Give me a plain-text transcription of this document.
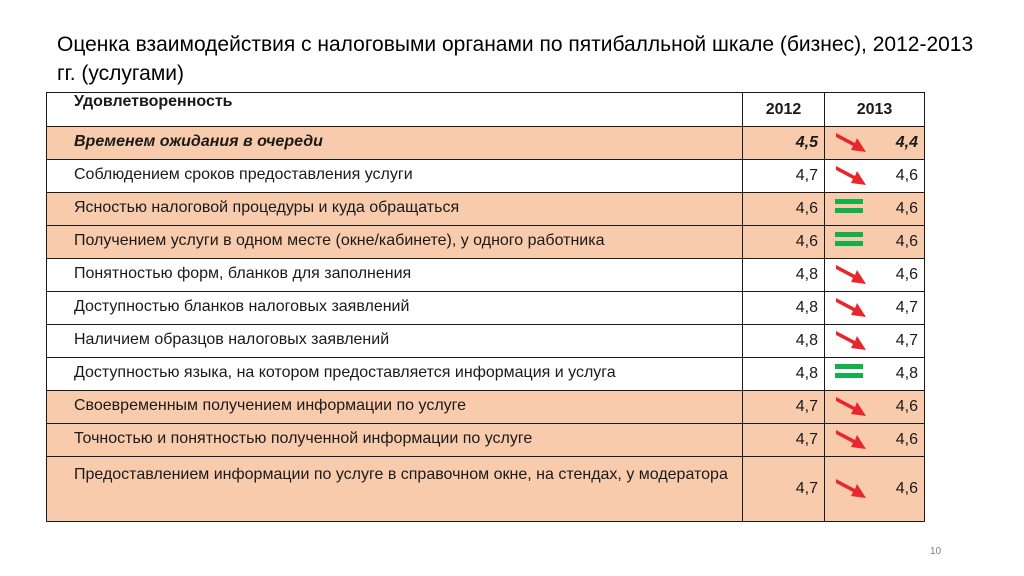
Оценка взаимодействия с налоговыми органами по пятибалльной шкале (бизнес), 2012-2013 гг. (услугами)
Удовлетворенность	2012	2013

Временем ожидания в очереди	4,5	4,4

Соблюдением сроков предоставления услуги	4,7	4,6

Ясностью налоговой процедуры и куда обращаться	4,6	4,6

Получением услуги в одном месте (окне/кабинете), у одного работника	4,6	4,6

Понятностью форм, бланков для заполнения	4,8	4,6

Доступностью бланков налоговых заявлений	4,8	4,7

Наличием образцов налоговых заявлений	4,8	4,7

Доступностью языка, на котором предоставляется информация и услуга	4,8	4,8

Своевременным получением информации по услуге	4,7	4,6

Точностью и понятностью полученной информации по услуге	4,7	4,6

Предоставлением информации по услуге в справочном окне, на стендах, у модератора	4,7	4,6
10
